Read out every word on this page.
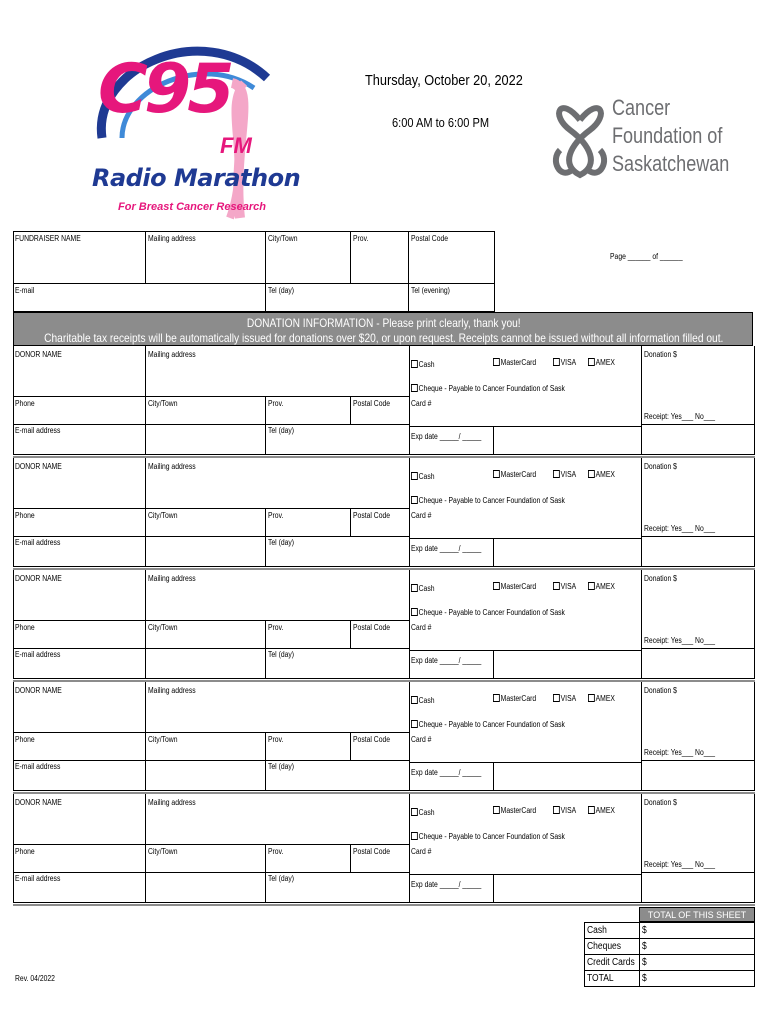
C95
FM
Radio Marathon
For Breast Cancer Research
Thursday, October 20, 2022
6:00 AM to 6:00 PM
Cancer
Foundation of
Saskatchewan
FUNDRAISER NAME	Mailing address	City/Town	Prov.	Postal Code
E-mail	Tel (day)	Tel (evening)
Page ______ of ______
DONATION INFORMATION - Please print clearly, thank you!
Charitable tax receipts will be automatically issued for donations over $20, or upon request. Receipts cannot be issued without all information filled out.
DONOR NAME	Mailing address
Cash	MasterCard	VISA	AMEX
Cheque - Payable to Cancer Foundation of Sask
Donation $
Phone	City/Town	Prov.	Postal Code	Card #
Receipt: Yes___ No___
E-mail address	Tel (day)
Exp date _____/ _____
DONOR NAME	Mailing address
Cash	MasterCard	VISA	AMEX
Cheque - Payable to Cancer Foundation of Sask
Donation $
Phone	City/Town	Prov.	Postal Code	Card #
Receipt: Yes___ No___
E-mail address	Tel (day)
Exp date _____/ _____
DONOR NAME	Mailing address
Cash	MasterCard	VISA	AMEX
Cheque - Payable to Cancer Foundation of Sask
Donation $
Phone	City/Town	Prov.	Postal Code	Card #
Receipt: Yes___ No___
E-mail address	Tel (day)
Exp date _____/ _____
DONOR NAME	Mailing address
Cash	MasterCard	VISA	AMEX
Cheque - Payable to Cancer Foundation of Sask
Donation $
Phone	City/Town	Prov.	Postal Code	Card #
Receipt: Yes___ No___
E-mail address	Tel (day)
Exp date _____/ _____
DONOR NAME	Mailing address
Cash	MasterCard	VISA	AMEX
Cheque - Payable to Cancer Foundation of Sask
Donation $
Phone	City/Town	Prov.	Postal Code	Card #
Receipt: Yes___ No___
E-mail address	Tel (day)
Exp date _____/ _____
TOTAL OF THIS SHEET
Cash	$
Cheques $
Credit Cards $
TOTAL	$
Rev. 04/2022
